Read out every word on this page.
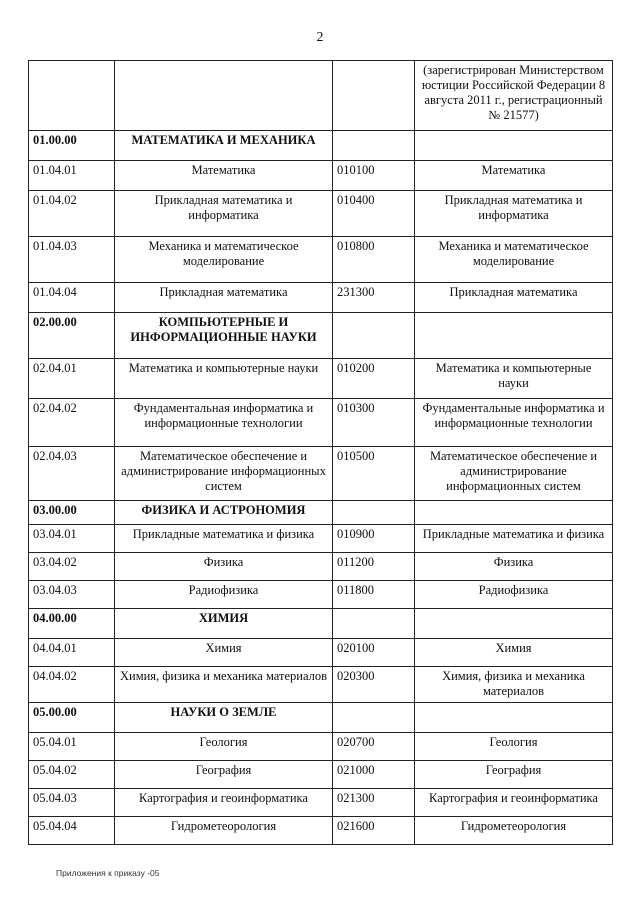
2
			(зарегистрирован Министерством юстиции Российской Федерации 8 августа 2011 г., регистрационный № 21577)
01.00.00	МАТЕМАТИКА И МЕХАНИКА		
01.04.01	Математика	010100	Математика
01.04.02	Прикладная математика и информатика	010400	Прикладная математика и информатика
01.04.03	Механика и математическое моделирование	010800	Механика и математическое моделирование
01.04.04	Прикладная математика	231300	Прикладная математика
02.00.00	КОМПЬЮТЕРНЫЕ И ИНФОРМАЦИОННЫЕ НАУКИ		
02.04.01	Математика и компьютерные науки	010200	Математика и компьютерные науки
02.04.02	Фундаментальная информатика и информационные технологии	010300	Фундаментальные информатика и информационные технологии
02.04.03	Математическое обеспечение и администрирование информационных систем	010500	Математическое обеспечение и администрирование информационных систем
03.00.00	ФИЗИКА И АСТРОНОМИЯ		
03.04.01	Прикладные математика и физика	010900	Прикладные математика и физика
03.04.02	Физика	011200	Физика
03.04.03	Радиофизика	011800	Радиофизика
04.00.00	ХИМИЯ		
04.04.01	Химия	020100	Химия
04.04.02	Химия, физика и механика материалов	020300	Химия, физика и механика материалов
05.00.00	НАУКИ О ЗЕМЛЕ		
05.04.01	Геология	020700	Геология
05.04.02	География	021000	География
05.04.03	Картография и геоинформатика	021300	Картография и геоинформатика
05.04.04	Гидрометеорология	021600	Гидрометеорология
Приложения к приказу -05
